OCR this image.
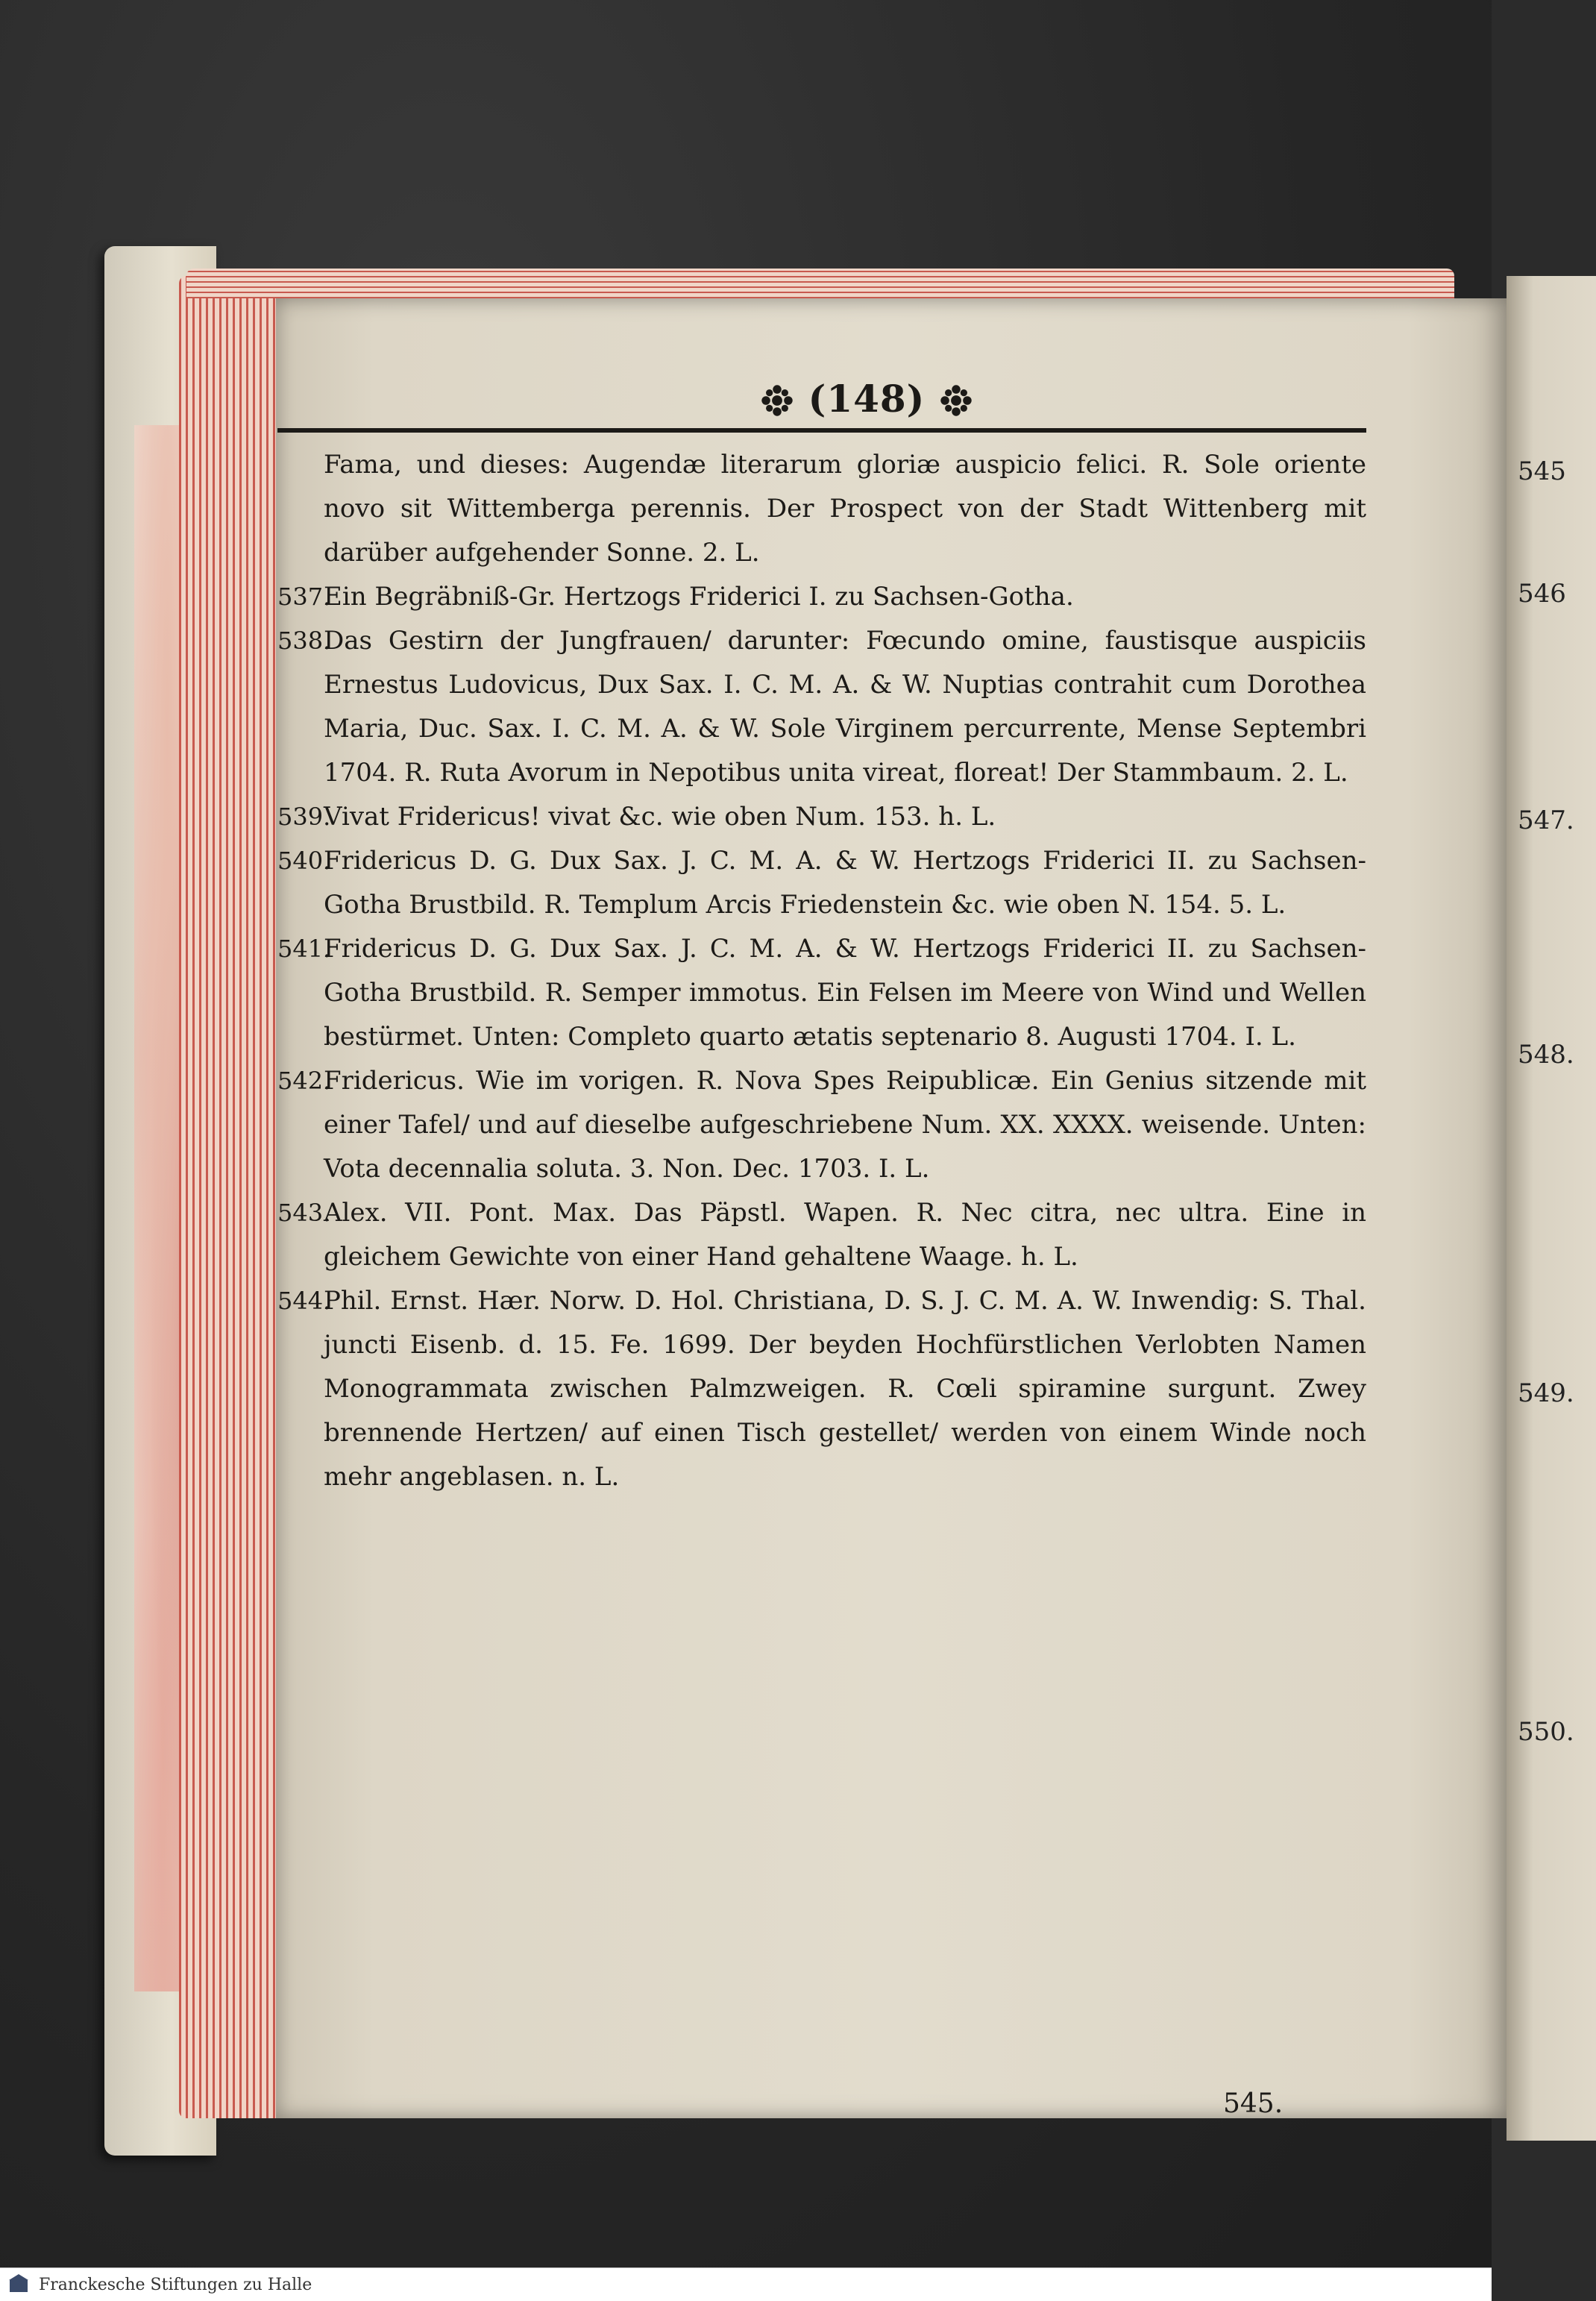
545
546
547.
548.
549.
550.
(148)
Fama, und dieses: Augendæ literarum gloriæ auspicio felici. R. Sole oriente novo sit Wittemberga perennis. Der Prospect von der Stadt Wittenberg mit darüber aufgehender Sonne. 2. L.
537.
Ein Begräbniß-Gr. Hertzogs Friderici I. zu Sachsen-Gotha.
538.
Das Gestirn der Jungfrauen/ darunter: Fœcundo omine, faustisque auspiciis Ernestus Ludovicus, Dux Sax. I. C. M. A. & W. Nuptias contrahit cum Dorothea Maria, Duc. Sax. I. C. M. A. & W. Sole Virginem percurrente, Mense Septembri 1704. R. Ruta Avorum in Nepotibus unita vireat, floreat! Der Stammbaum. 2. L.
539.
Vivat Fridericus! vivat &c. wie oben Num. 153. h. L.
540.
Fridericus D. G. Dux Sax. J. C. M. A. & W. Hertzogs Friderici II. zu Sachsen-Gotha Brustbild. R. Templum Arcis Friedenstein &c. wie oben N. 154. 5. L.
541.
Fridericus D. G. Dux Sax. J. C. M. A. & W. Hertzogs Friderici II. zu Sachsen-Gotha Brustbild. R. Semper immotus. Ein Felsen im Meere von Wind und Wellen bestürmet. Unten: Completo quarto ætatis septenario 8. Augusti 1704. I. L.
542.
Fridericus. Wie im vorigen. R. Nova Spes Reipublicæ. Ein Genius sitzende mit einer Tafel/ und auf dieselbe aufgeschriebene Num. XX. XXXX. weisende. Unten: Vota decennalia soluta. 3. Non. Dec. 1703. I. L.
543.
Alex. VII. Pont. Max. Das Päpstl. Wapen. R. Nec citra, nec ultra. Eine in gleichem Gewichte von einer Hand gehaltene Waage. h. L.
544.
Phil. Ernst. Hær. Norw. D. Hol. Christiana, D. S. J. C. M. A. W. Inwendig: S. Thal. juncti Eisenb. d. 15. Fe. 1699. Der beyden Hochfürstlichen Verlobten Namen Monogrammata zwischen Palmzweigen. R. Cœli spiramine surgunt. Zwey brennende Hertzen/ auf einen Tisch gestellet/ werden von einem Winde noch mehr angeblasen. n. L.
545.
Franckesche Stiftungen zu Halle
